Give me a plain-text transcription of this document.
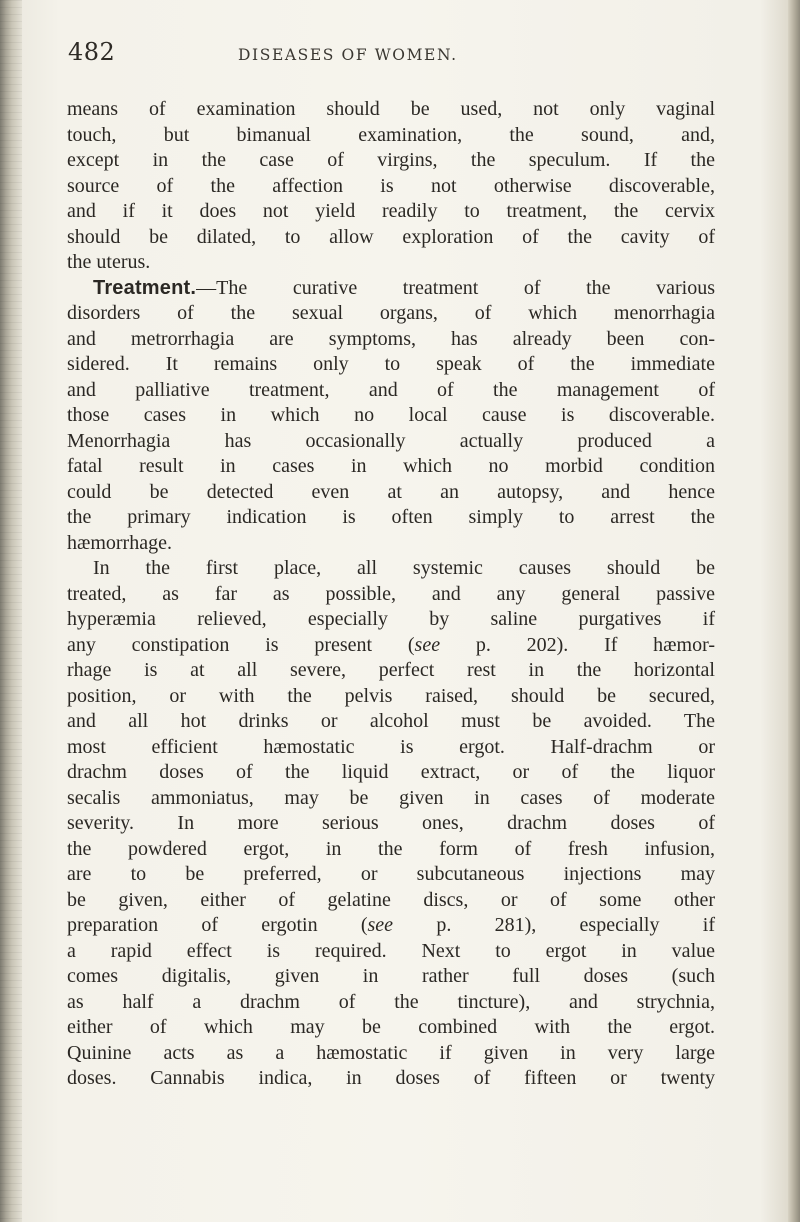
482	DISEASES OF WOMEN.
means of examination should be used, not only vaginal
touch, but bimanual examination, the sound, and,
except in the case of virgins, the speculum. If the
source of the affection is not otherwise discoverable,
and if it does not yield readily to treatment, the cervix
should be dilated, to allow exploration of the cavity of
the uterus.
Treatment.—The curative treatment of the various
disorders of the sexual organs, of which menorrhagia
and metrorrhagia are symptoms, has already been con-
sidered. It remains only to speak of the immediate
and palliative treatment, and of the management of
those cases in which no local cause is discoverable.
Menorrhagia has occasionally actually produced a
fatal result in cases in which no morbid condition
could be detected even at an autopsy, and hence
the primary indication is often simply to arrest the
hæmorrhage.
In the first place, all systemic causes should be
treated, as far as possible, and any general passive
hyperæmia relieved, especially by saline purgatives if
any constipation is present (see p. 202). If hæmor-
rhage is at all severe, perfect rest in the horizontal
position, or with the pelvis raised, should be secured,
and all hot drinks or alcohol must be avoided. The
most efficient hæmostatic is ergot. Half-drachm or
drachm doses of the liquid extract, or of the liquor
secalis ammoniatus, may be given in cases of moderate
severity. In more serious ones, drachm doses of
the powdered ergot, in the form of fresh infusion,
are to be preferred, or subcutaneous injections may
be given, either of gelatine discs, or of some other
preparation of ergotin (see p. 281), especially if
a rapid effect is required. Next to ergot in value
comes digitalis, given in rather full doses (such
as half a drachm of the tincture), and strychnia,
either of which may be combined with the ergot.
Quinine acts as a hæmostatic if given in very large
doses. Cannabis indica, in doses of fifteen or twenty
